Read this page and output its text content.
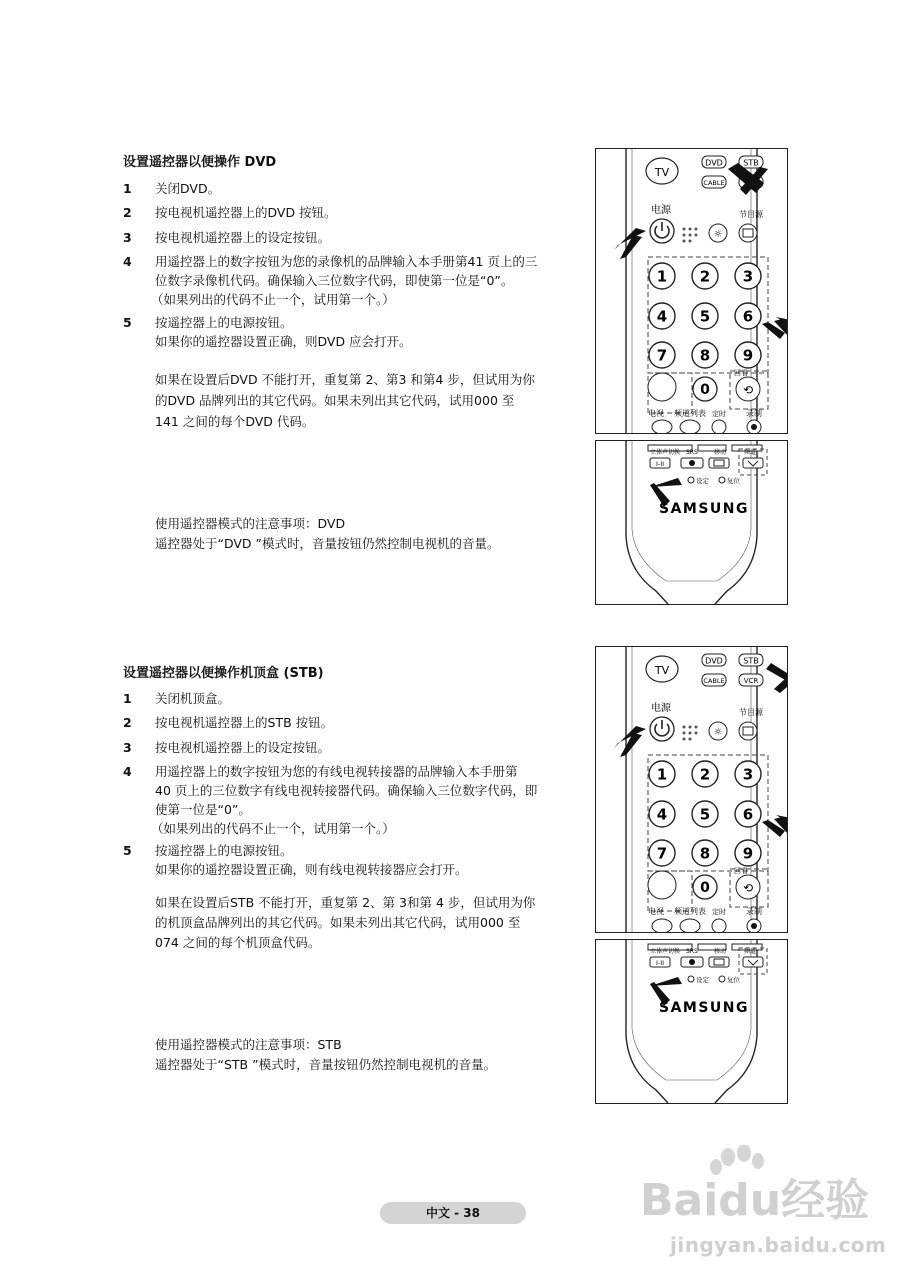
设置遥控器以便操作 DVD
1 关闭DVD。
2 按电视机遥控器上的DVD 按钮。
3 按电视机遥控器上的设定按钮。
4 用遥控器上的数字按钮为您的录像机的品牌输入本手册第41 页上的三
位数字录像机代码。确保输入三位数字代码，即使第一位是“0”。
（如果列出的代码不止一个，试用第一个。）
5 按遥控器上的电源按钮。
如果你的遥控器设置正确，则DVD 应会打开。
如果在设置后DVD 不能打开，重复第 2、第3 和第4 步，但试用为你
的DVD 品牌列出的其它代码。如果未列出其它代码，试用000 至
141 之间的每个DVD 代码。
使用遥控器模式的注意事项：DVD
遥控器处于“DVD ”模式时，音量按钮仍然控制电视机的音量。
TV
DVD	STB
CABLE
电源
☼
节目源
1 2 3
4 5 6
7 8 9
0
回看
⟲
电视 频道列表 定时	录制
立体声切换 SRS	移动	频道
I-II
设定	复位
SAMSUNG
设置遥控器以便操作机顶盒 (STB)
1 关闭机顶盒。
2 按电视机遥控器上的STB 按钮。
3 按电视机遥控器上的设定按钮。
4 用遥控器上的数字按钮为您的有线电视转接器的品牌输入本手册第
40 页上的三位数字有线电视转接器代码。确保输入三位数字代码，即
使第一位是“0”。
（如果列出的代码不止一个，试用第一个。）
5 按遥控器上的电源按钮。
如果你的遥控器设置正确，则有线电视转接器应会打开。
如果在设置后STB 不能打开，重复第 2、第 3和第 4 步，但试用为你
的机顶盒品牌列出的其它代码。如果未列出其它代码，试用000 至
074 之间的每个机顶盒代码。
使用遥控器模式的注意事项：STB
遥控器处于“STB ”模式时，音量按钮仍然控制电视机的音量。
TV
DVD	STB
CABLE	VCR
电源
☼
节目源
1 2 3
4 5 6
7 8 9
0
回看
⟲
电视 频道列表 定时	录制
立体声切换 SRS	移动	频道
I-II
设定	复位
SAMSUNG
中文 - 38	Baidu经验
jingyan.baidu.com
